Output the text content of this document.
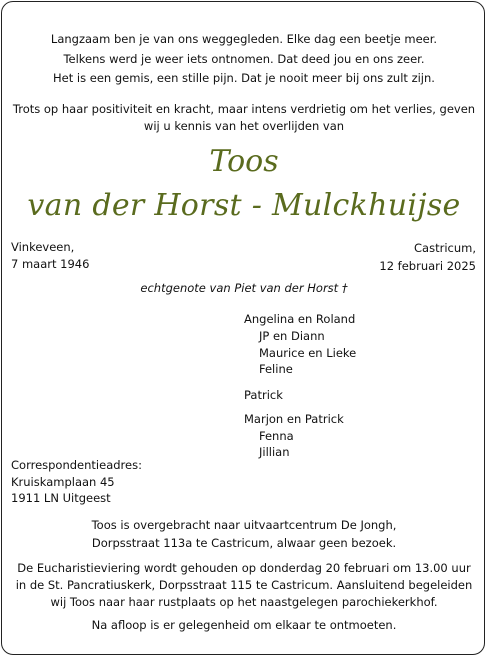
Langzaam ben je van ons weggegleden. Elke dag een beetje meer.
Telkens werd je weer iets ontnomen. Dat deed jou en ons zeer.
Het is een gemis, een stille pijn. Dat je nooit meer bij ons zult zijn.
Trots op haar positiviteit en kracht, maar intens verdrietig om het verlies, geven
wij u kennis van het overlijden van
Toos
van der Horst - Mulckhuijse
Vinkeveen,
7 maart 1946
Castricum,
12 februari 2025
echtgenote van Piet van der Horst †
Angelina en Roland
JP en Diann
Maurice en Lieke
Feline
Patrick
Marjon en Patrick
Fenna
Jillian
Correspondentieadres:
Kruiskamplaan 45
1911 LN Uitgeest
Toos is overgebracht naar uitvaartcentrum De Jongh,
Dorpsstraat 113a te Castricum, alwaar geen bezoek.
De Eucharistieviering wordt gehouden op donderdag 20 februari om 13.00 uur
in de St. Pancratiuskerk, Dorpsstraat 115 te Castricum. Aansluitend begeleiden
wij Toos naar haar rustplaats op het naastgelegen parochiekerkhof.
Na afloop is er gelegenheid om elkaar te ontmoeten.
